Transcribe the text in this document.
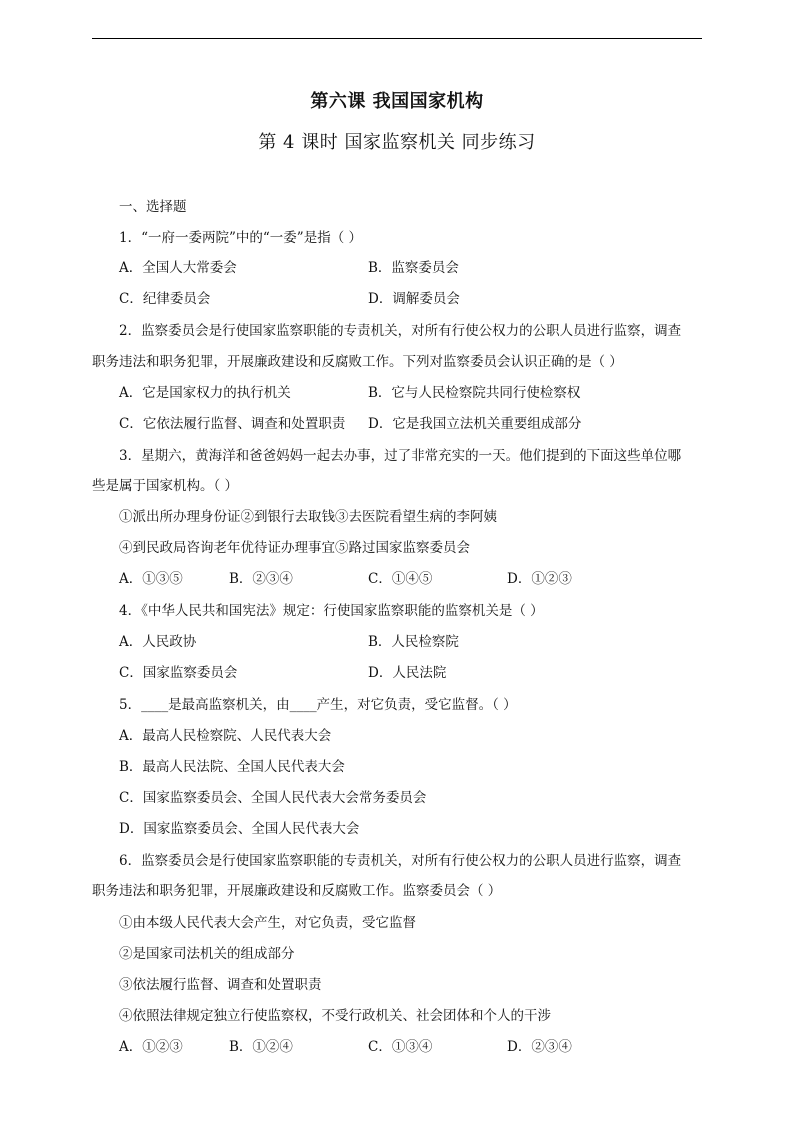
第六课 我国国家机构
第 4 课时 国家监察机关 同步练习
一、选择题
1．“一府一委两院”中的“一委”是指（ ）
A．全国人大常委会	B．监察委员会
C．纪律委员会	D．调解委员会
2．监察委员会是行使国家监察职能的专责机关，对所有行使公权力的公职人员进行监察，调查
职务违法和职务犯罪，开展廉政建设和反腐败工作。下列对监察委员会认识正确的是（ ）
A．它是国家权力的执行机关	B．它与人民检察院共同行使检察权
C．它依法履行监督、调查和处置职责 D．它是我国立法机关重要组成部分
3．星期六，黄海洋和爸爸妈妈一起去办事，过了非常充实的一天。他们提到的下面这些单位哪
些是属于国家机构。（ ）
①派出所办理身份证②到银行去取钱③去医院看望生病的李阿姨
④到民政局咨询老年优待证办理事宜⑤路过国家监察委员会
A．①③⑤	B．②③④	C．①④⑤	D．①②③
4．《中华人民共和国宪法》规定：行使国家监察职能的监察机关是（ ）
A．人民政协	B．人民检察院
C．国家监察委员会	D．人民法院
5．____是最高监察机关，由____产生，对它负责，受它监督。（ ）
A．最高人民检察院、人民代表大会
B．最高人民法院、全国人民代表大会
C．国家监察委员会、全国人民代表大会常务委员会
D．国家监察委员会、全国人民代表大会
6．监察委员会是行使国家监察职能的专责机关，对所有行使公权力的公职人员进行监察，调查
职务违法和职务犯罪，开展廉政建设和反腐败工作。监察委员会（ ）
①由本级人民代表大会产生，对它负责，受它监督
②是国家司法机关的组成部分
③依法履行监督、调查和处置职责
④依照法律规定独立行使监察权，不受行政机关、社会团体和个人的干涉
A．①②③	B．①②④	C．①③④	D．②③④
